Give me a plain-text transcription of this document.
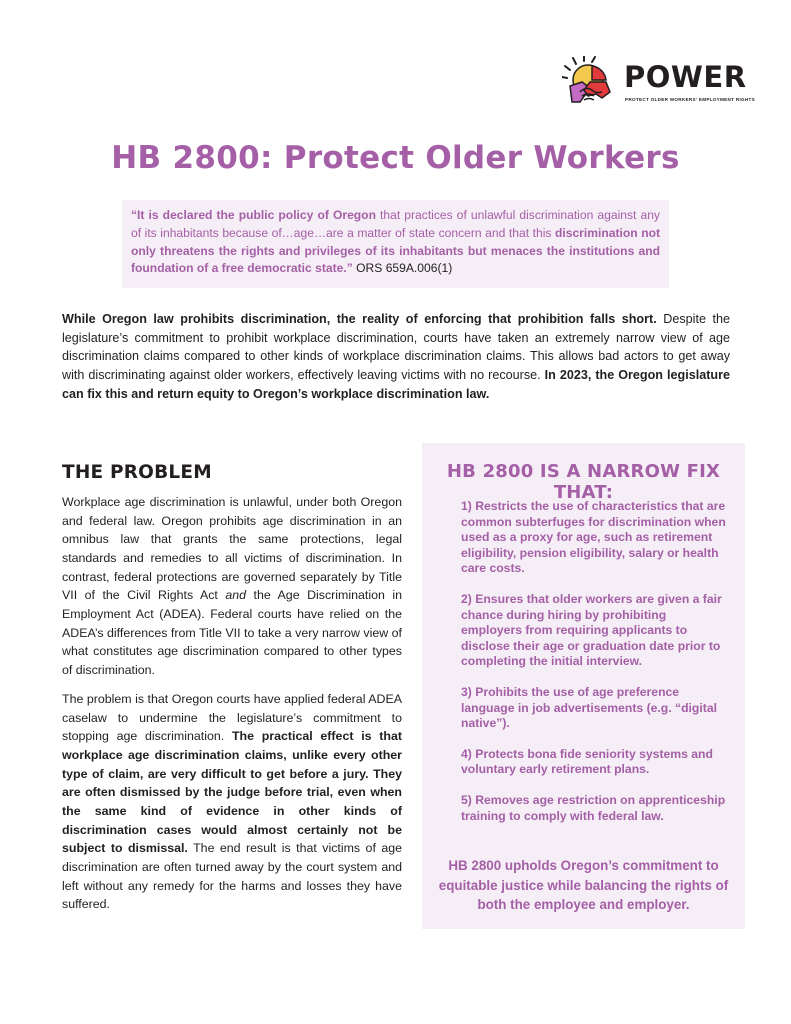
POWER
PROTECT OLDER WORKERS' EMPLOYMENT RIGHTS
HB 2800: Protect Older Workers

“It is declared the public policy of Oregon that practices of unlawful discrimination against any of its inhabitants because of…age…are a matter of state concern and that this discrimination not only threatens the rights and privileges of its inhabitants but menaces the institutions and foundation of a free democratic state.” ORS 659A.006(1)

While Oregon law prohibits discrimination, the reality of enforcing that prohibition falls short. Despite the legislature’s commitment to prohibit workplace discrimination, courts have taken an extremely narrow view of age discrimination claims compared to other kinds of workplace discrimination claims. This allows bad actors to get away with discriminating against older workers, effectively leaving victims with no recourse. In 2023, the Oregon legislature can fix this and return equity to Oregon’s workplace discrimination law.

THE PROBLEM

Workplace age discrimination is unlawful, under both Oregon and federal law. Oregon prohibits age discrimination in an omnibus law that grants the same protections, legal standards and remedies to all victims of discrimination. In contrast, federal protections are governed separately by Title VII of the Civil Rights Act and the Age Discrimination in Employment Act (ADEA). Federal courts have relied on the ADEA’s differences from Title VII to take a very narrow view of what constitutes age discrimination compared to other types of discrimination.

The problem is that Oregon courts have applied federal ADEA caselaw to undermine the legislature’s commitment to stopping age discrimination. The practical effect is that workplace age discrimination claims, unlike every other type of claim, are very difficult to get before a jury. They are often dismissed by the judge before trial, even when the same kind of evidence in other kinds of discrimination cases would almost certainly not be subject to dismissal. The end result is that victims of age discrimination are often turned away by the court system and left without any remedy for the harms and losses they have suffered.

HB 2800 IS A NARROW FIX THAT:
1) Restricts the use of characteristics that are common subterfuges for discrimination when used as a proxy for age, such as retirement eligibility, pension eligibility, salary or health care costs.
2) Ensures that older workers are given a fair chance during hiring by prohibiting employers from requiring applicants to disclose their age or graduation date prior to completing the initial interview.
3) Prohibits the use of age preference language in job advertisements (e.g. “digital native”).
4) Protects bona fide seniority systems and voluntary early retirement plans.
5) Removes age restriction on apprenticeship training to comply with federal law.

HB 2800 upholds Oregon’s commitment to equitable justice while balancing the rights of both the employee and employer.
